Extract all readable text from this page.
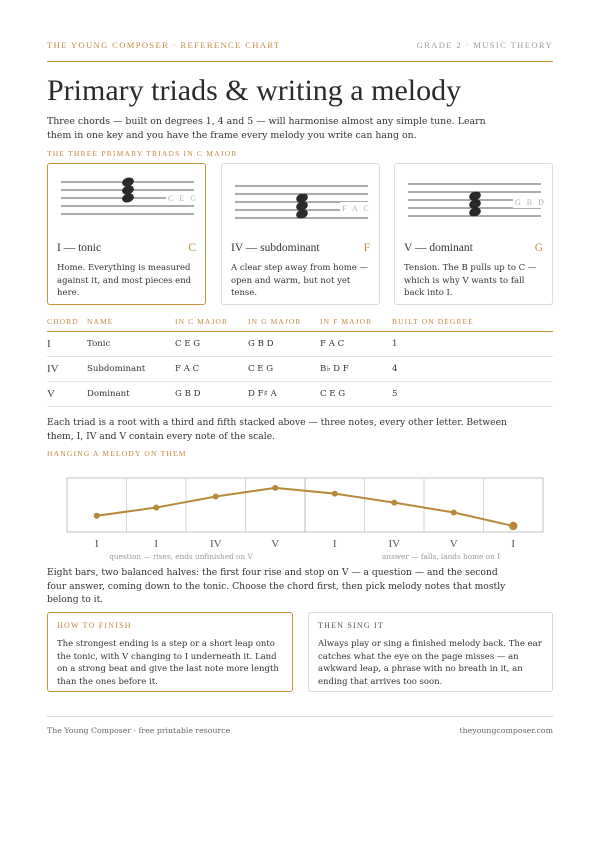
THE YOUNG COMPOSER · REFERENCE CHART	GRADE 2 · MUSIC THEORY
Primary triads & writing a melody

Three chords — built on degrees 1, 4 and 5 — will harmonise almost any simple tune. Learn them in one key and you have the frame every melody you write can hang on.

THE THREE PRIMARY TRIADS IN C MAJOR
C E G
I — tonic	C
Home. Everything is measured against it, and most pieces end here.
F A C
IV — subdominant	F
A clear step away from home — open and warm, but not yet tense.
G B D
V — dominant	G
Tension. The B pulls up to C — which is why V wants to fall back into I.
CHORD	NAME	IN C MAJOR	IN G MAJOR	IN F MAJOR	BUILT ON DEGREE
I	Tonic	C E G	G B D	F A C	1
IV	Subdominant	F A C	C E G	B♭ D F	4
V	Dominant	G B D	D F♯ A	C E G	5

Each triad is a root with a third and fifth stacked above — three notes, every other letter. Between them, I, IV and V contain every note of the scale.

HANGING A MELODY ON THEM
I	I	IV	V	I	IV	V	I
question — rises, ends unfinished on V	answer — falls, lands home on I

Eight bars, two balanced halves: the first four rise and stop on V — a question — and the second four answer, coming down to the tonic. Choose the chord first, then pick melody notes that mostly belong to it.

HOW TO FINISH
The strongest ending is a step or a short leap onto the tonic, with V changing to I underneath it. Land on a strong beat and give the last note more length than the ones before it.
THEN SING IT
Always play or sing a finished melody back. The ear catches what the eye on the page misses — an awkward leap, a phrase with no breath in it, an ending that arrives too soon.
The Young Composer · free printable resource	theyoungcomposer.com
